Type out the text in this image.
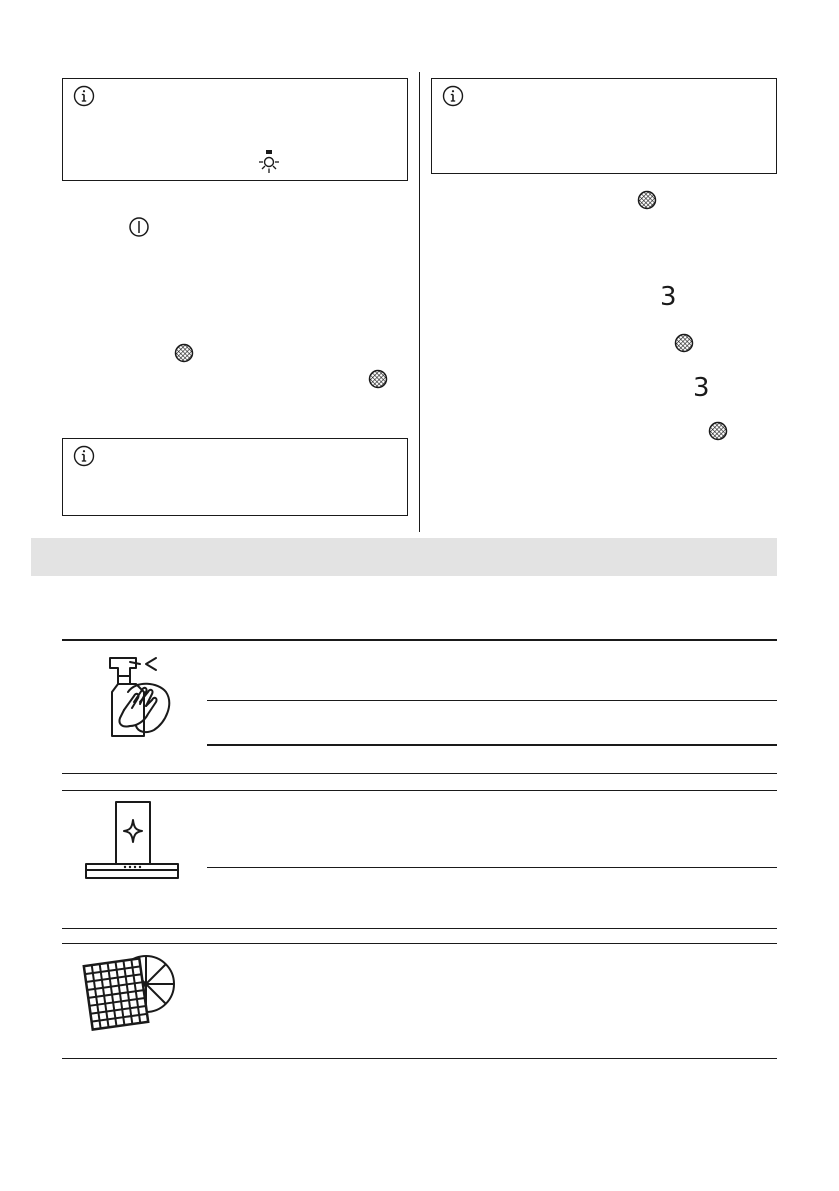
3
3
